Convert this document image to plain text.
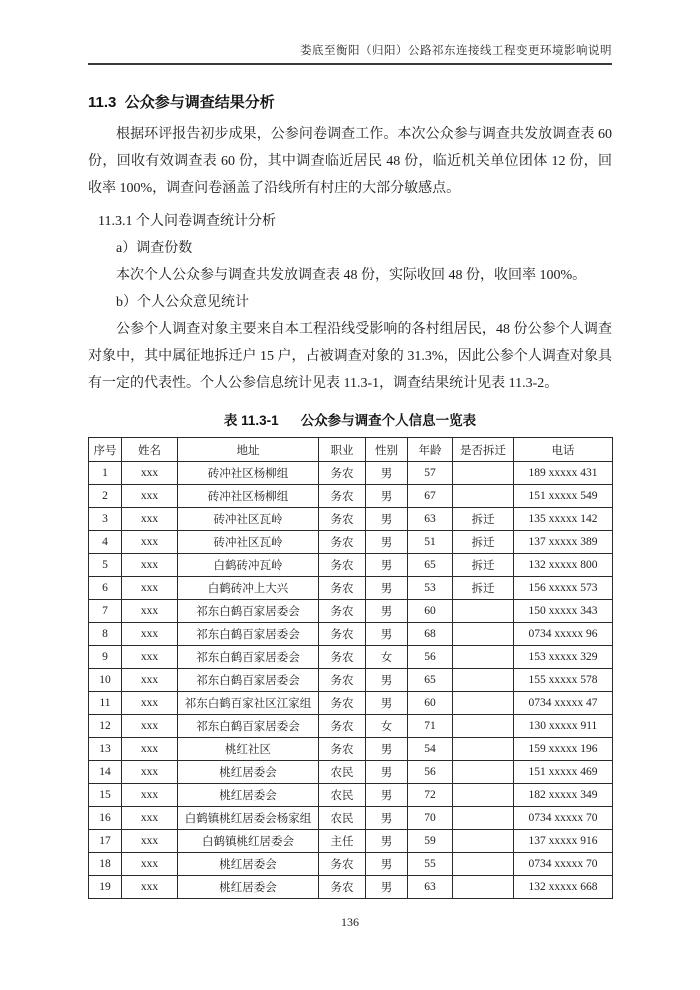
娄底至衡阳（归阳）公路祁东连接线工程变更环境影响说明
11.3  公众参与调查结果分析

根据环评报告初步成果，公参问卷调查工作。本次公众参与调查共发放调查表 60 份，回收有效调查表 60 份，其中调查临近居民 48 份，临近机关单位团体 12 份，回收率 100%，调查问卷涵盖了沿线所有村庄的大部分敏感点。

11.3.1 个人问卷调查统计分析
a）调查份数
本次个人公众参与调查共发放调查表 48 份，实际收回 48 份，收回率 100%。
b）个人公众意见统计

公参个人调查对象主要来自本工程沿线受影响的各村组居民，48 份公参个人调查对象中，其中属征地拆迁户 15 户，占被调查对象的 31.3%，因此公参个人调查对象具有一定的代表性。个人公参信息统计见表 11.3-1，调查结果统计见表 11.3-2。

表 11.3-1 公众参与调查个人信息一览表
序号	姓名	地址	职业	性别	年龄	是否拆迁	电话
1	xxx	砖冲社区杨柳组	务农	男	57		189 xxxxx 431
2	xxx	砖冲社区杨柳组	务农	男	67		151 xxxxx 549
3	xxx	砖冲社区瓦岭	务农	男	63	拆迁	135 xxxxx 142
4	xxx	砖冲社区瓦岭	务农	男	51	拆迁	137 xxxxx 389
5	xxx	白鹤砖冲瓦岭	务农	男	65	拆迁	132 xxxxx 800
6	xxx	白鹤砖冲上大兴	务农	男	53	拆迁	156 xxxxx 573
7	xxx	祁东白鹤百家居委会	务农	男	60		150 xxxxx 343
8	xxx	祁东白鹤百家居委会	务农	男	68		0734 xxxxx 96
9	xxx	祁东白鹤百家居委会	务农	女	56		153 xxxxx 329
10	xxx	祁东白鹤百家居委会	务农	男	65		155 xxxxx 578
11	xxx	祁东白鹤百家社区江家组	务农	男	60		0734 xxxxx 47
12	xxx	祁东白鹤百家居委会	务农	女	71		130 xxxxx 911
13	xxx	桃红社区	务农	男	54		159 xxxxx 196
14	xxx	桃红居委会	农民	男	56		151 xxxxx 469
15	xxx	桃红居委会	农民	男	72		182 xxxxx 349
16	xxx	白鹤镇桃红居委会杨家组	农民	男	70		0734 xxxxx 70
17	xxx	白鹤镇桃红居委会	主任	男	59		137 xxxxx 916
18	xxx	桃红居委会	务农	男	55		0734 xxxxx 70
19	xxx	桃红居委会	务农	男	63		132 xxxxx 668
136
